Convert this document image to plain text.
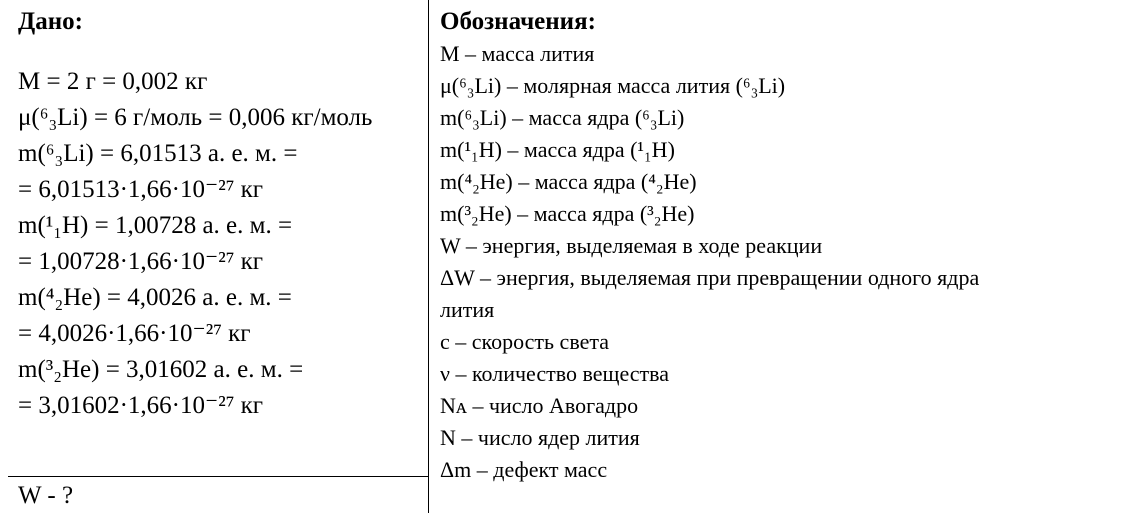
Дано:
M = 2 г = 0,002 кг
μ(⁶₃Li) = 6 г/моль = 0,006 кг/моль
m(⁶₃Li) = 6,01513 а. е. м. =
= 6,01513·1,66·10⁻²⁷ кг
m(¹₁H) = 1,00728 а. е. м. =
= 1,00728·1,66·10⁻²⁷ кг
m(⁴₂He) = 4,0026 а. е. м. =
= 4,0026·1,66·10⁻²⁷ кг
m(³₂He) = 3,01602 а. е. м. =
= 3,01602·1,66·10⁻²⁷ кг
W - ?
Обозначения:
M – масса лития
μ(⁶₃Li) – молярная масса лития (⁶₃Li)
m(⁶₃Li) – масса ядра (⁶₃Li)
m(¹₁H) – масса ядра (¹₁H)
m(⁴₂He) – масса ядра (⁴₂He)
m(³₂He) – масса ядра (³₂He)
W – энергия, выделяемая в ходе реакции
ΔW – энергия, выделяемая при превращении одного ядра
лития
c – скорость света
ν – количество вещества
Nᴀ – число Авогадро
N – число ядер лития
Δm – дефект масс
